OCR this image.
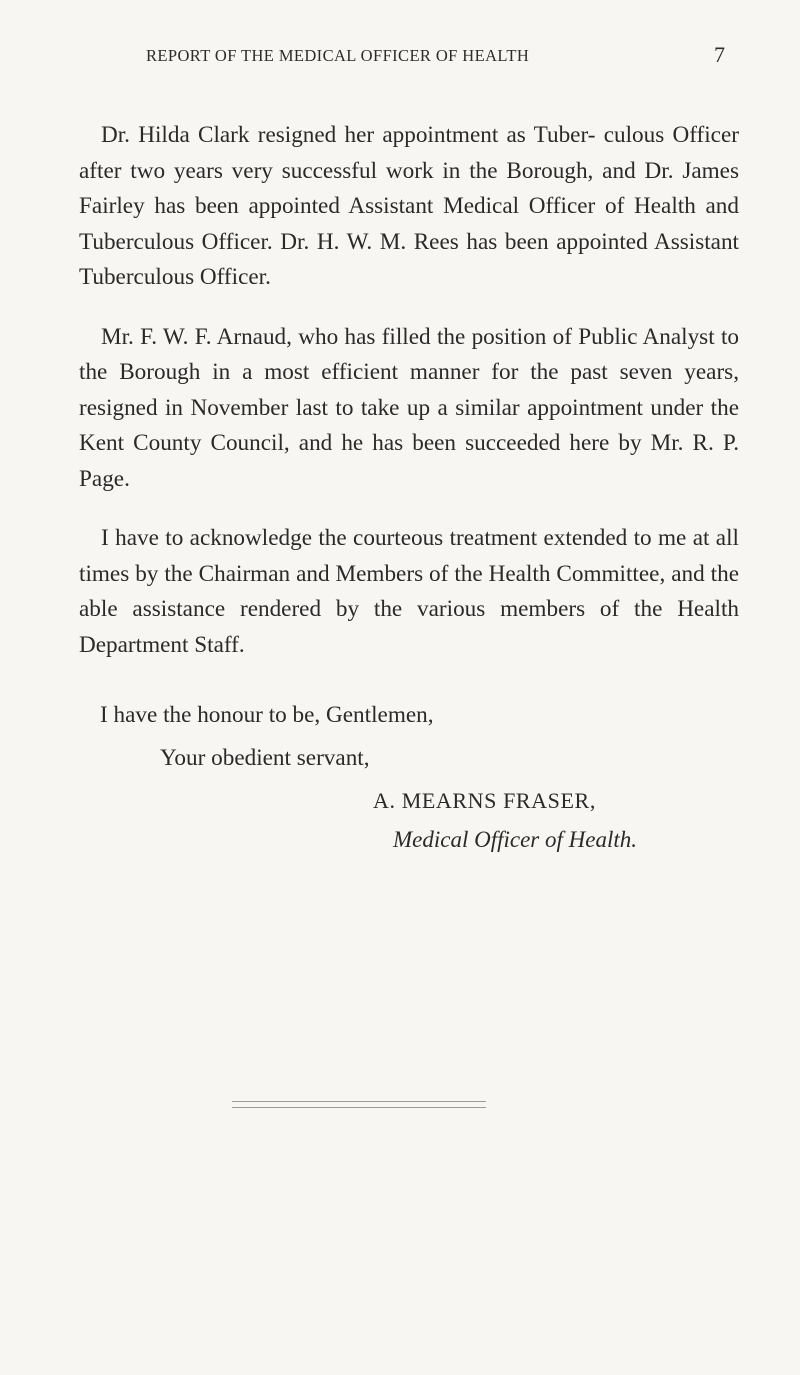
REPORT OF THE MEDICAL OFFICER OF HEALTH	7

Dr. Hilda Clark resigned her appointment as Tuber- culous Officer after two years very successful work in the Borough, and Dr. James Fairley has been appointed Assistant Medical Officer of Health and Tuberculous Officer. Dr. H. W. M. Rees has been appointed Assistant Tuberculous Officer.

Mr. F. W. F. Arnaud, who has filled the position of Public Analyst to the Borough in a most efficient manner for the past seven years, resigned in November last to take up a similar appointment under the Kent County Council, and he has been succeeded here by Mr. R. P. Page.

I have to acknowledge the courteous treatment extended to me at all times by the Chairman and Members of the Health Committee, and the able assistance rendered by the various members of the Health Department Staff.

I have the honour to be, Gentlemen,
Your obedient servant,
A. MEARNS FRASER,
Medical Officer of Health.
